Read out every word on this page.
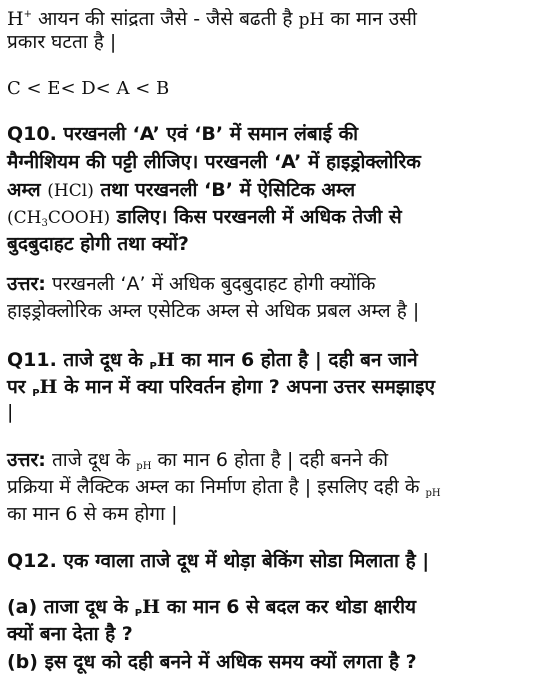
H+ आयन की सांद्रता जैसे - जैसे बढती है pH का मान उसी
प्रकार घटता है |
C < E< D< A < B
Q10. परखनली ‘A’ एवं ‘B’ में समान लंबाई की
मैग्नीशियम की पट्टी लीजिए। परखनली ‘A’ में हाइड्रोक्लोरिक
अम्ल (HCl) तथा परखनली ‘B’ में ऐसिटिक अम्ल
$(CH_3COOH)$ डालिए। किस परखनली में अधिक तेजी से
बुदबुदाहट होगी तथा क्यों?
उत्तर: परखनली ‘A’ में अधिक बुदबुदाहट होगी क्योंकि
हाइड्रोक्लोरिक अम्ल एसेटिक अम्ल से अधिक प्रबल अम्ल है |
Q11. ताजे दूध के $_P$H का मान 6 होता है | दही बन जाने
पर $_P$H के मान में क्या परिवर्तन होगा ? अपना उत्तर समझाइए
|
उत्तर: ताजे दूध के $_{pH}$ का मान 6 होता है | दही बनने की
प्रक्रिया में लैक्टिक अम्ल का निर्माण होता है | इसलिए दही के $_{pH}$
का मान 6 से कम होगा |
Q12. एक ग्वाला ताजे दूध में थोड़ा बेकिंग सोडा मिलाता है |
(a) ताजा दूध के $_P$H का मान 6 से बदल कर थोडा क्षारीय
क्यों बना देता है ?
(b) इस दूध को दही बनने में अधिक समय क्यों लगता है ?
